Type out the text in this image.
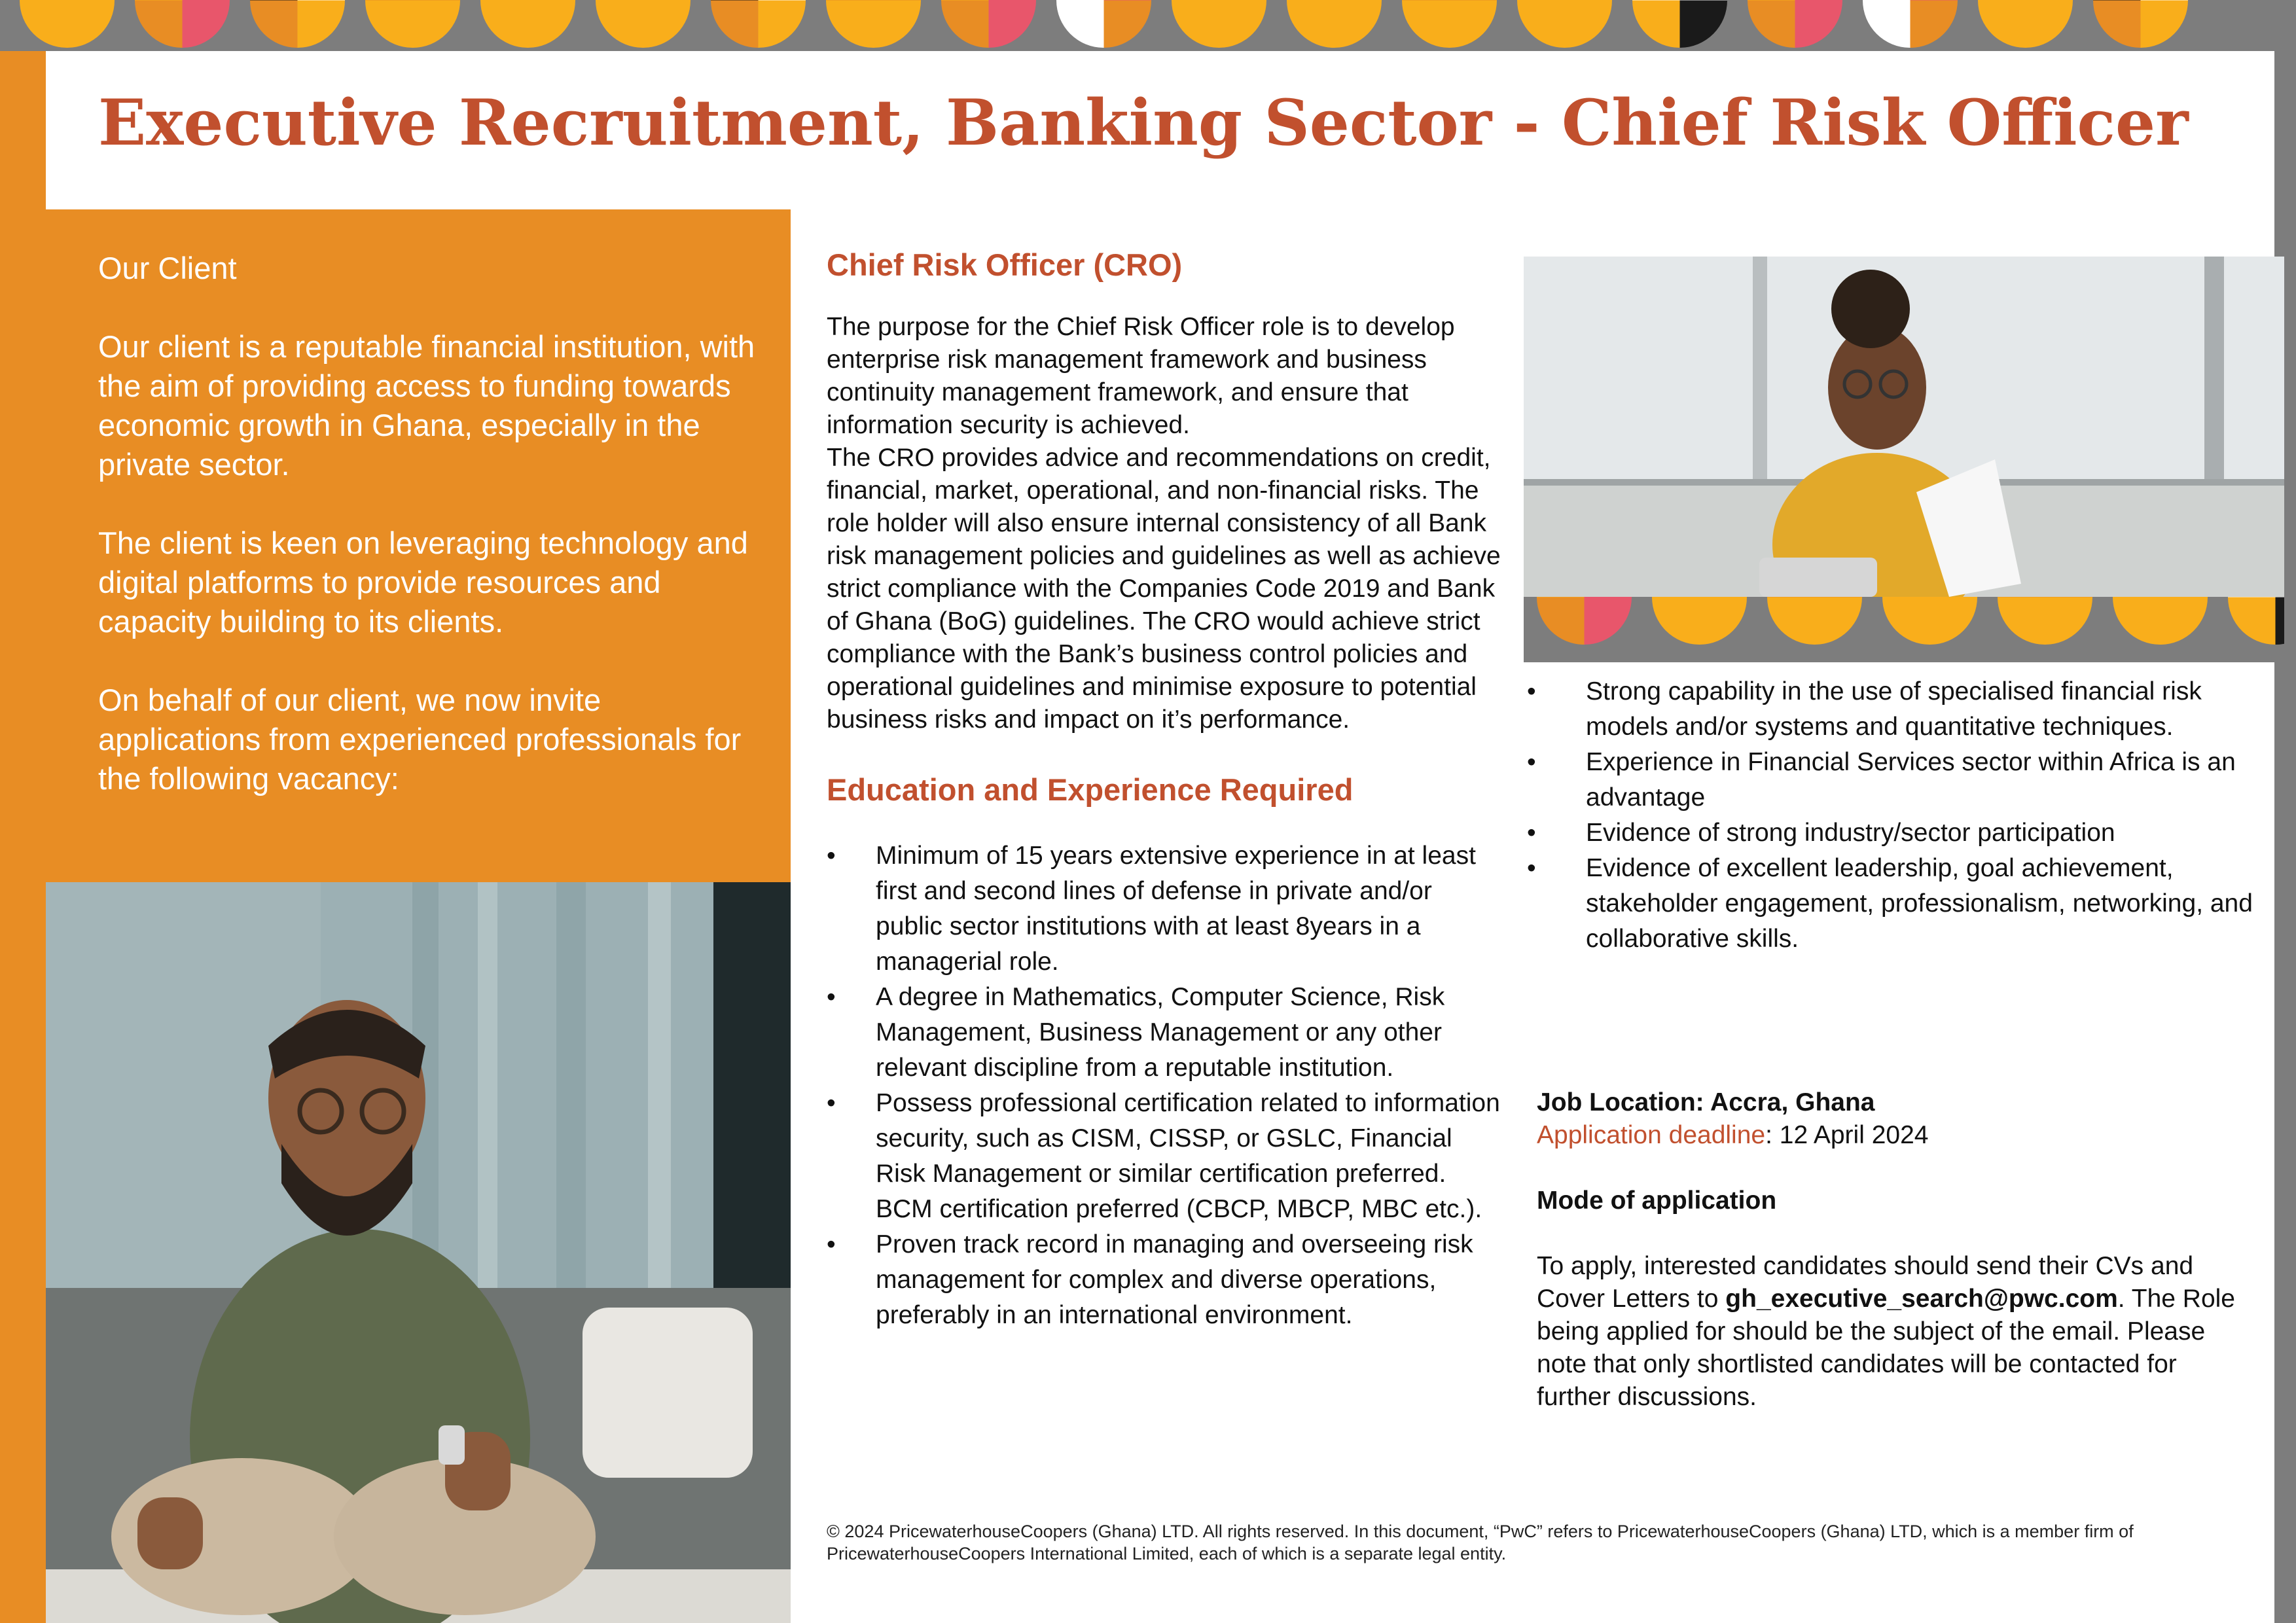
Executive Recruitment, Banking Sector - Chief Risk Officer
Our Client

Our client is a reputable financial institution, with the aim of providing access to funding towards economic growth in Ghana, especially in the private sector.

The client is keen on leveraging technology and digital platforms to provide resources and capacity building to its clients.

On behalf of our client, we now invite applications from experienced professionals for the following vacancy:

Chief Risk Officer (CRO)

The purpose for the Chief Risk Officer role is to develop enterprise risk management framework and business continuity management framework, and ensure that information security is achieved.
The CRO provides advice and recommendations on credit, financial, market, operational, and non-financial risks. The role holder will also ensure internal consistency of all Bank risk management policies and guidelines as well as achieve strict compliance with the Companies Code 2019 and Bank of Ghana (BoG) guidelines. The CRO would achieve strict compliance with the Bank’s business control policies and operational guidelines and minimise exposure to potential business risks and impact on it’s performance.

Education and Experience Required
• Minimum of 15 years extensive experience in at least first and second lines of defense in private and/or public sector institutions with at least 8years in a managerial role.
• A degree in Mathematics, Computer Science, Risk Management, Business Management or any other relevant discipline from a reputable institution.
• Possess professional certification related to information security, such as CISM, CISSP, or GSLC, Financial Risk Management or similar certification preferred. BCM certification preferred (CBCP, MBCP, MBC etc.).
• Proven track record in managing and overseeing risk management for complex and diverse operations, preferably in an international environment.
• Strong capability in the use of specialised financial risk models and/or systems and quantitative techniques.
• Experience in Financial Services sector within Africa is an advantage
• Evidence of strong industry/sector participation
• Evidence of excellent leadership, goal achievement, stakeholder engagement, professionalism, networking, and collaborative skills.
Job Location: Accra, Ghana
Application deadline: 12 April 2024
Mode of application

To apply, interested candidates should send their CVs and Cover Letters to gh_executive_search@pwc.com. The Role being applied for should be the subject of the email. Please note that only shortlisted candidates will be contacted for further discussions.

© 2024 PricewaterhouseCoopers (Ghana) LTD. All rights reserved. In this document, “PwC” refers to PricewaterhouseCoopers (Ghana) LTD, which is a member firm of PricewaterhouseCoopers International Limited, each of which is a separate legal entity.
